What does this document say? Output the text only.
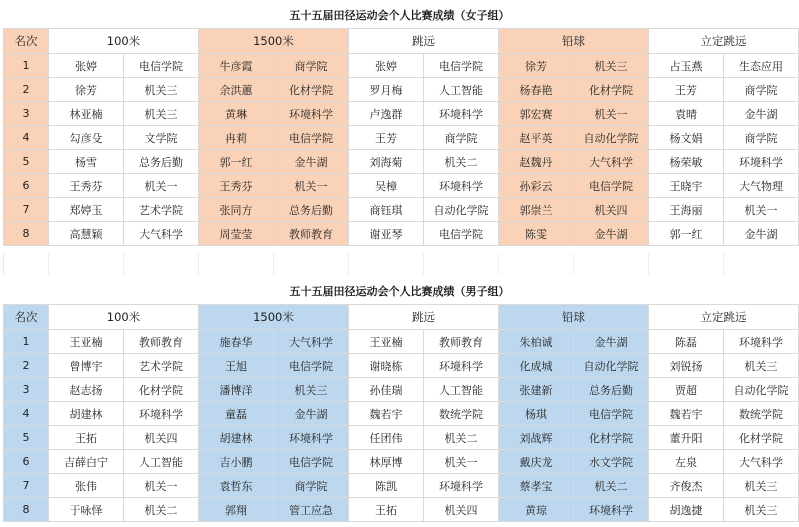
五十五届田径运动会个人比赛成绩（女子组）
名次	100米		1500米		跳远		铅球		立定跳远	
1	张婷	电信学院	牛彦霞	商学院	张婷	电信学院	徐芳	机关三	占玉燕	生态应用
2	徐芳	机关三	余洪蕙	化材学院	罗月梅	人工智能	杨春艳	化材学院	王芳	商学院
3	林亚楠	机关三	黄琳	环境科学	卢逸群	环境科学	郭宏赛	机关一	袁晴	金牛湖
4	勾彦殳	文学院	冉莉	电信学院	王芳	商学院	赵平英	自动化学院	杨文娟	商学院
5	杨雪	总务后勤	郭一红	金牛湖	刘海菊	机关二	赵魏丹	大气科学	杨荣敏	环境科学
6	王秀芬	机关一	王秀芬	机关一	吴樟	环境科学	孙彩云	电信学院	王晓宇	大气物理
7	郑婷玉	艺术学院	张同方	总务后勤	商钰琪	自动化学院	郭崇兰	机关四	王海丽	机关一
8	高慧颖	大气科学	周莹莹	教师教育	谢亚琴	电信学院	陈雯	金牛湖	郭一红	金牛湖
五十五届田径运动会个人比赛成绩（男子组）
名次	100米		1500米		跳远		铅球		立定跳远	
1	王亚楠	教师教育	施春华	大气科学	王亚楠	教师教育	朱柏诚	金牛湖	陈磊	环境科学
2	曾博宇	艺术学院	王旭	电信学院	谢晓栋	环境科学	化成城	自动化学院	刘锐扬	机关三
3	赵志扬	化材学院	潘博洋	机关三	孙佳瑞	人工智能	张建新	总务后勤	贾超	自动化学院
4	胡建林	环境科学	童磊	金牛湖	魏若宇	数统学院	杨琪	电信学院	魏若宇	数统学院
5	王拓	机关四	胡建林	环境科学	任团伟	机关二	刘战辉	化材学院	董升阳	化材学院
6	吉薛白宁	人工智能	吉小鹏	电信学院	林厚博	机关一	戴庆龙	水文学院	左泉	大气科学
7	张伟	机关一	袁哲东	商学院	陈凯	环境科学	蔡孝宝	机关二	齐俊杰	机关三
8	于咏怿	机关二	郭翔	管工应急	王拓	机关四	黄琼	环境科学	胡逸捷	机关三
